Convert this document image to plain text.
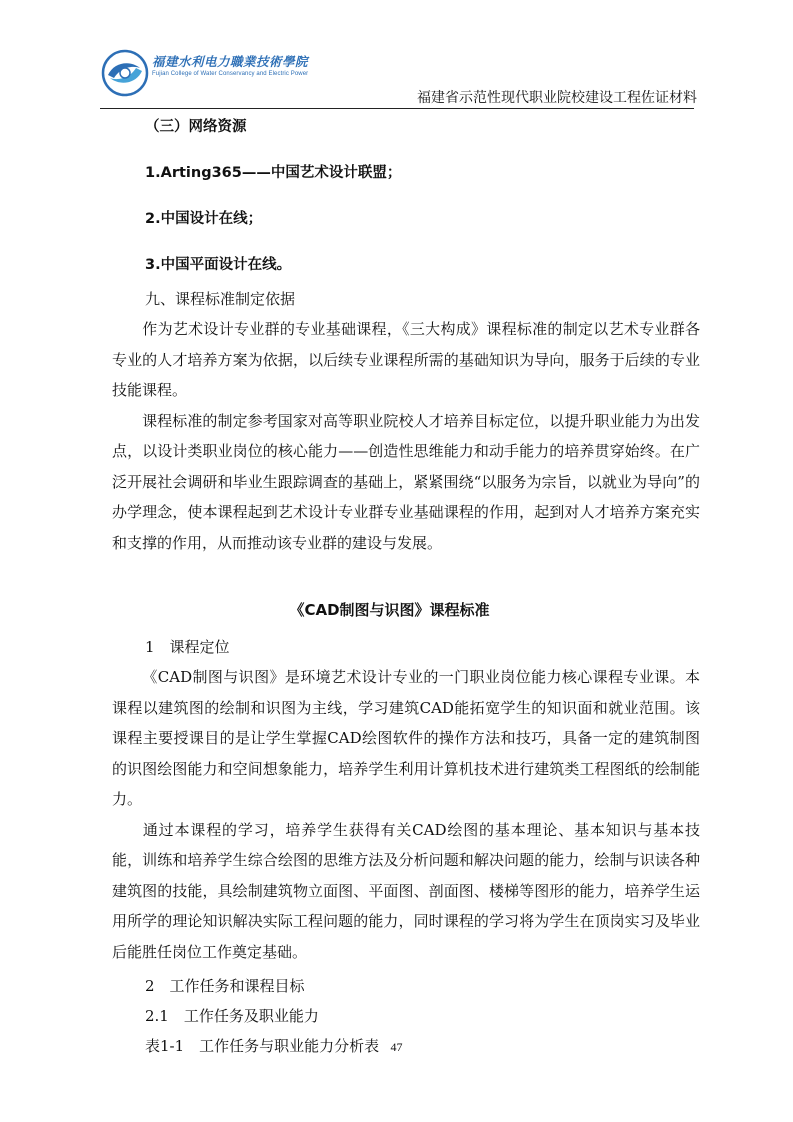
福建水利电力職業技術學院
Fujian College of Water Conservancy and Electric Power
福建省示范性现代职业院校建设工程佐证材料
（三）网络资源
1.Arting365——中国艺术设计联盟；
2.中国设计在线；
3.中国平面设计在线。
九、课程标准制定依据

作为艺术设计专业群的专业基础课程，《三大构成》课程标准的制定以艺术专业群各专业的人才培养方案为依据，以后续专业课程所需的基础知识为导向，服务于后续的专业技能课程。

课程标准的制定参考国家对高等职业院校人才培养目标定位，以提升职业能力为出发点，以设计类职业岗位的核心能力——创造性思维能力和动手能力的培养贯穿始终。在广泛开展社会调研和毕业生跟踪调查的基础上，紧紧围绕“以服务为宗旨，以就业为导向”的办学理念，使本课程起到艺术设计专业群专业基础课程的作用，起到对人才培养方案充实和支撑的作用，从而推动该专业群的建设与发展。

《CAD制图与识图》课程标准
1　课程定位

《CAD制图与识图》是环境艺术设计专业的一门职业岗位能力核心课程专业课。本课程以建筑图的绘制和识图为主线，学习建筑CAD能拓宽学生的知识面和就业范围。该课程主要授课目的是让学生掌握CAD绘图软件的操作方法和技巧，具备一定的建筑制图的识图绘图能力和空间想象能力，培养学生利用计算机技术进行建筑类工程图纸的绘制能力。

通过本课程的学习，培养学生获得有关CAD绘图的基本理论、基本知识与基本技能，训练和培养学生综合绘图的思维方法及分析问题和解决问题的能力，绘制与识读各种建筑图的技能，具绘制建筑物立面图、平面图、剖面图、楼梯等图形的能力，培养学生运用所学的理论知识解决实际工程问题的能力，同时课程的学习将为学生在顶岗实习及毕业后能胜任岗位工作奠定基础。

2　工作任务和课程目标
2.1　工作任务及职业能力
表1-1　工作任务与职业能力分析表 47
